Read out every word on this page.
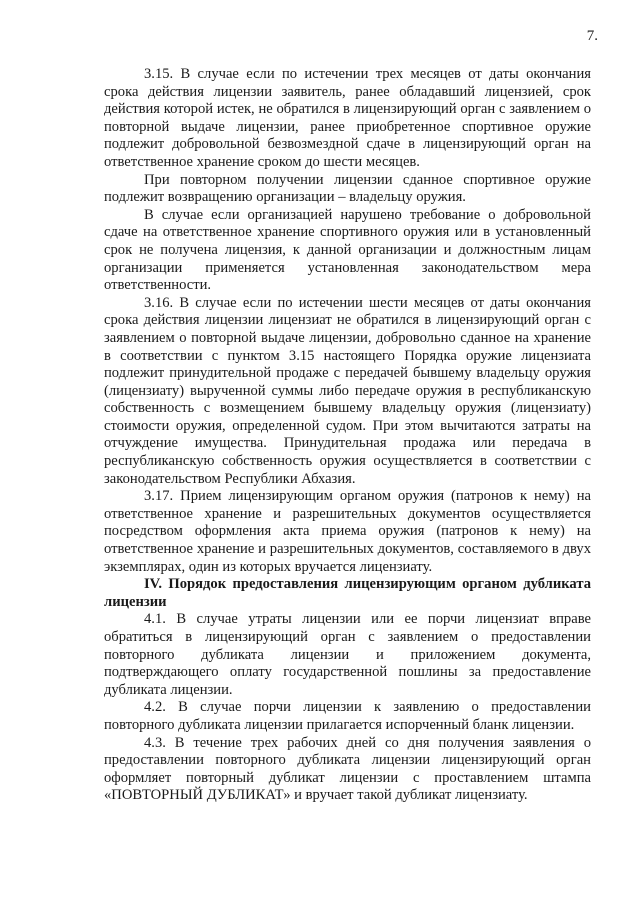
7.

3.15. В случае если по истечении трех месяцев от даты окончания срока действия лицензии заявитель, ранее обладавший лицензией, срок действия которой истек, не обратился в лицензирующий орган с заявлением о повторной выдаче лицензии, ранее приобретенное спортивное оружие подлежит добровольной безвозмездной сдаче в лицензирующий орган на ответственное хранение сроком до шести месяцев.

При повторном получении лицензии сданное спортивное оружие подлежит возвращению организации – владельцу оружия.

В случае если организацией нарушено требование о добровольной сдаче на ответственное хранение спортивного оружия или в установленный срок не получена лицензия, к данной организации и должностным лицам организации применяется установленная законодательством мера ответственности.

3.16. В случае если по истечении шести месяцев от даты окончания срока действия лицензии лицензиат не обратился в лицензирующий орган с заявлением о повторной выдаче лицензии, добровольно сданное на хранение в соответствии с пунктом 3.15 настоящего Порядка оружие лицензиата подлежит принудительной продаже с передачей бывшему владельцу оружия (лицензиату) вырученной суммы либо передаче оружия в республиканскую собственность с возмещением бывшему владельцу оружия (лицензиату) стоимости оружия, определенной судом. При этом вычитаются затраты на отчуждение имущества. Принудительная продажа или передача в республиканскую собственность оружия осуществляется в соответствии с законодательством Республики Абхазия.

3.17. Прием лицензирующим органом оружия (патронов к нему) на ответственное хранение и разрешительных документов осуществляется посредством оформления акта приема оружия (патронов к нему) на ответственное хранение и разрешительных документов, составляемого в двух экземплярах, один из которых вручается лицензиату.

IV. Порядок предоставления лицензирующим органом дубликата лицензии

4.1. В случае утраты лицензии или ее порчи лицензиат вправе обратиться в лицензирующий орган с заявлением о предоставлении повторного дубликата лицензии и приложением документа, подтверждающего оплату государственной пошлины за предоставление дубликата лицензии.

4.2. В случае порчи лицензии к заявлению о предоставлении повторного дубликата лицензии прилагается испорченный бланк лицензии.

4.3. В течение трех рабочих дней со дня получения заявления о предоставлении повторного дубликата лицензии лицензирующий орган оформляет повторный дубликат лицензии с проставлением штампа «ПОВТОРНЫЙ ДУБЛИКАТ» и вручает такой дубликат лицензиату.
